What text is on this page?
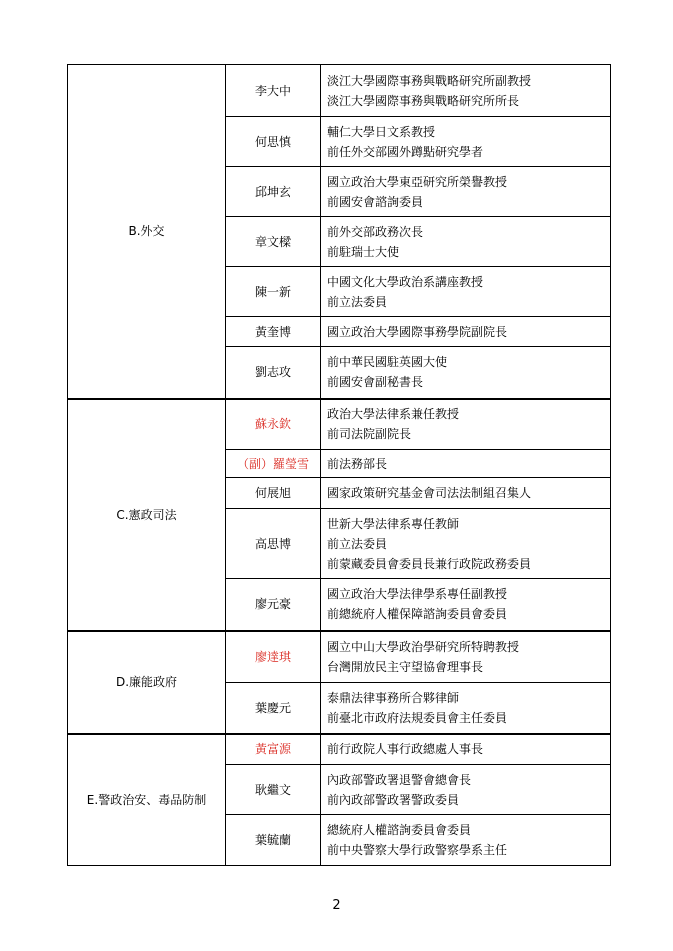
B.外交	李大中	淡江大學國際事務與戰略研究所副教授
淡江大學國際事務與戰略研究所所長

	何思慎	輔仁大學日文系教授
前任外交部國外蹲點研究學者

	邱坤玄	國立政治大學東亞研究所榮譽教授
前國安會諮詢委員

	章文樑	前外交部政務次長
前駐瑞士大使

	陳一新	中國文化大學政治系講座教授
前立法委員

	黃奎博	國立政治大學國際事務學院副院長

	劉志攻	前中華民國駐英國大使
前國安會副秘書長

C.憲政司法	蘇永欽	政治大學法律系兼任教授
前司法院副院長

	（副）羅瑩雪	前法務部長

	何展旭	國家政策研究基金會司法法制組召集人

	高思博	世新大學法律系專任教師
前立法委員
前蒙藏委員會委員長兼行政院政務委員

	廖元豪	國立政治大學法律學系專任副教授
前總統府人權保障諮詢委員會委員

D.廉能政府	廖達琪	國立中山大學政治學研究所特聘教授
台灣開放民主守望協會理事長

	葉慶元	泰鼎法律事務所合夥律師
前臺北市政府法規委員會主任委員

E.警政治安、毒品防制	黃富源	前行政院人事行政總處人事長

	耿繼文	內政部警政署退警會總會長
前內政部警政署警政委員

	葉毓蘭	總統府人權諮詢委員會委員
前中央警察大學行政警察學系主任
2
